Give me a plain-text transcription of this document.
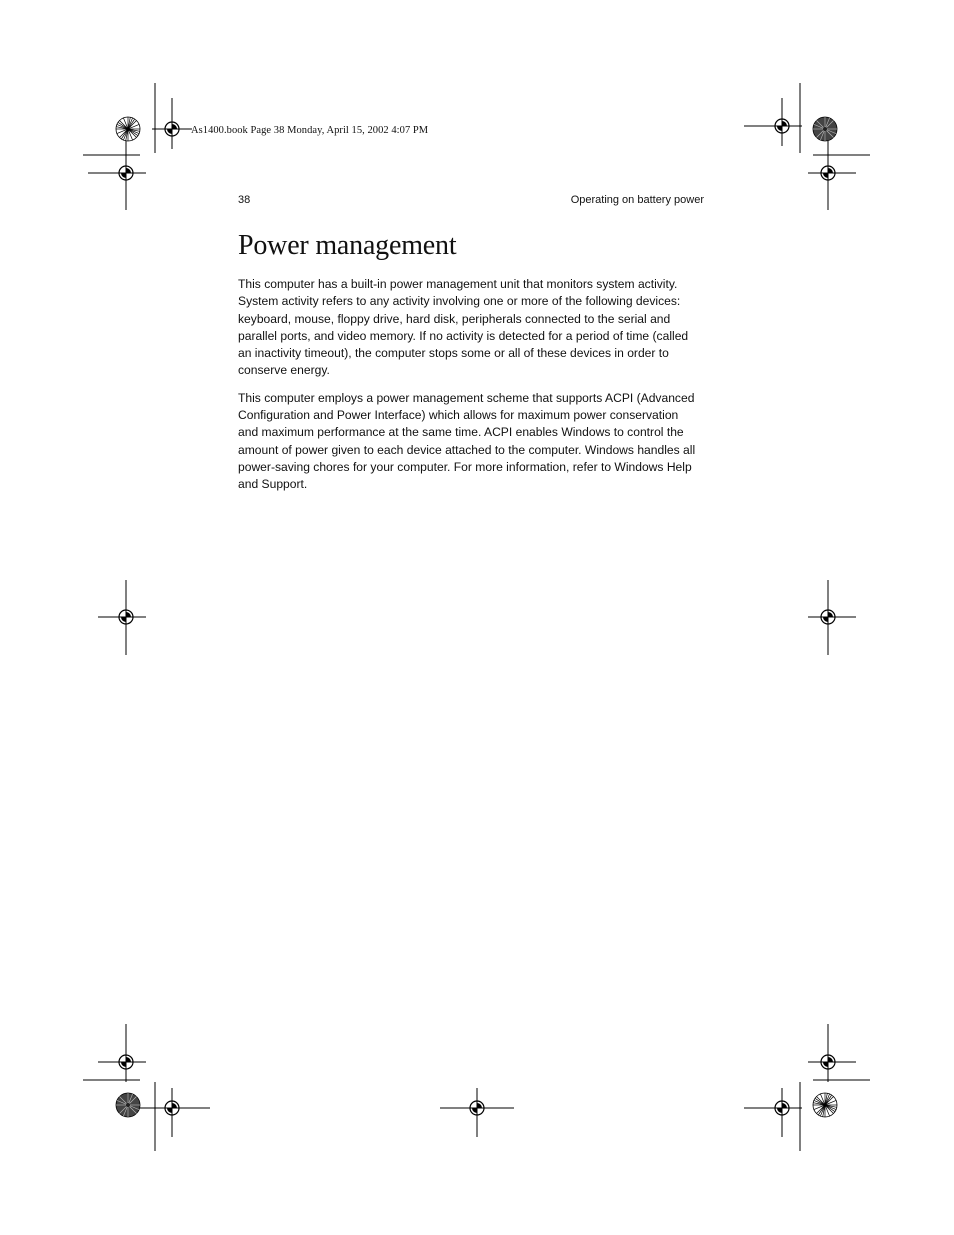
As1400.book Page 38 Monday, April 15, 2002 4:07 PM
38	Operating on battery power
Power management

This computer has a built-in power management unit that monitors system activity.
System activity refers to any activity involving one or more of the following devices:
keyboard, mouse, floppy drive, hard disk, peripherals connected to the serial and
parallel ports, and video memory. If no activity is detected for a period of time (called
an inactivity timeout), the computer stops some or all of these devices in order to
conserve energy.

This computer employs a power management scheme that supports ACPI (Advanced
Configuration and Power Interface) which allows for maximum power conservation
and maximum performance at the same time. ACPI enables Windows to control the
amount of power given to each device attached to the computer. Windows handles all
power-saving chores for your computer. For more information, refer to Windows Help
and Support.
